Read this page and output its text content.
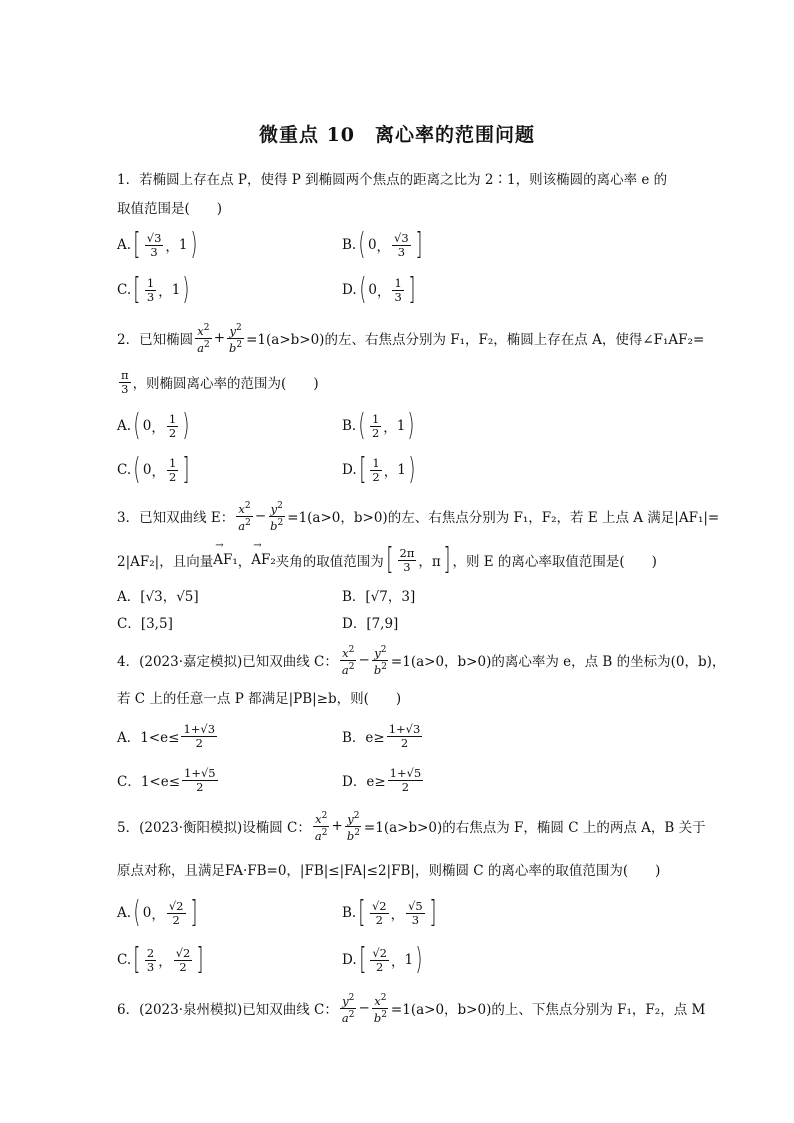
微重点 10　离心率的范围问题
1．若椭圆上存在点 P，使得 P 到椭圆两个焦点的距离之比为 2∶1，则该椭圆的离心率 e 的
取值范围是(　　)
A. [ $\frac{√3}{3}$ ， 1 )	B. ( 0 ， $\frac{√3}{3}$ ]
C. [ $\frac{1}{3}$ ， 1 )	D. ( 0 ， $\frac{1}{3}$ ]
2．已知椭圆 $\frac{x^2}{a^2} + \frac{y^2}{b^2} =1(a>b>0)$的左、右焦点分别为 F₁，F₂，椭圆上存在点 A，使得∠F₁AF₂=
$\frac{\pi}{3}$ ，则椭圆离心率的范围为(　　)
A. ( 0 ， $\frac{1}{2}$ )	B. ( $\frac{1}{2}$ ， 1 )
C. ( 0 ， $\frac{1}{2}$ ]	D. [ $\frac{1}{2}$ ， 1 )
3．已知双曲线 E： $\frac{x^2}{a^2} - \frac{y^2}{b^2} =1(a>0$，b>0)的左、右焦点分别为 F₁，F₂，若 E 上点 A 满足|AF₁|=
2|AF₂|，且向量 → AF₁ ， → AF₂ 夹角的取值范围为 [ $\frac{2\pi}{3}$ ，π ] ，则 E 的离心率取值范围是(　　)
A．[√3，√5]	B．[√7，3]
C．[3,5]	D．[7,9]
4．(2023·嘉定模拟)已知双曲线 C： $\frac{x^2}{a^2} - \frac{y^2}{b^2} =1(a>0$，b>0)的离心率为 e，点 B 的坐标为(0，b)，
若 C 上的任意一点 P 都满足|PB|≥b，则(　　)
A．$1<e\le \frac{1+√3}{2}$	B．$e\ge \frac{1+√3}{2}$
C．$1<e\le \frac{1+√5}{2}$	D．$e\ge \frac{1+√5}{2}$
5．(2023·衡阳模拟)设椭圆 C： $\frac{x^2}{a^2} + \frac{y^2}{b^2} =1(a>b>0)$的右焦点为 F，椭圆 C 上的两点 A，B 关于
原点对称，且满足FA·FB=0，|FB|≤|FA|≤2|FB|，则椭圆 C 的离心率的取值范围为(　　)
A. ( 0 ， $\frac{√2}{2}$ ]	B. [ $\frac{√2}{2}$ ， $\frac{√5}{3}$ ]
C. [ $\frac{2}{3}$ ， $\frac{√2}{2}$ ]	D. [ $\frac{√2}{2}$ ， 1 )
6．(2023·泉州模拟)已知双曲线 C： $\frac{y^2}{a^2} - \frac{x^2}{b^2} =1(a>0$，b>0)的上、下焦点分别为 F₁，F₂，点 M
